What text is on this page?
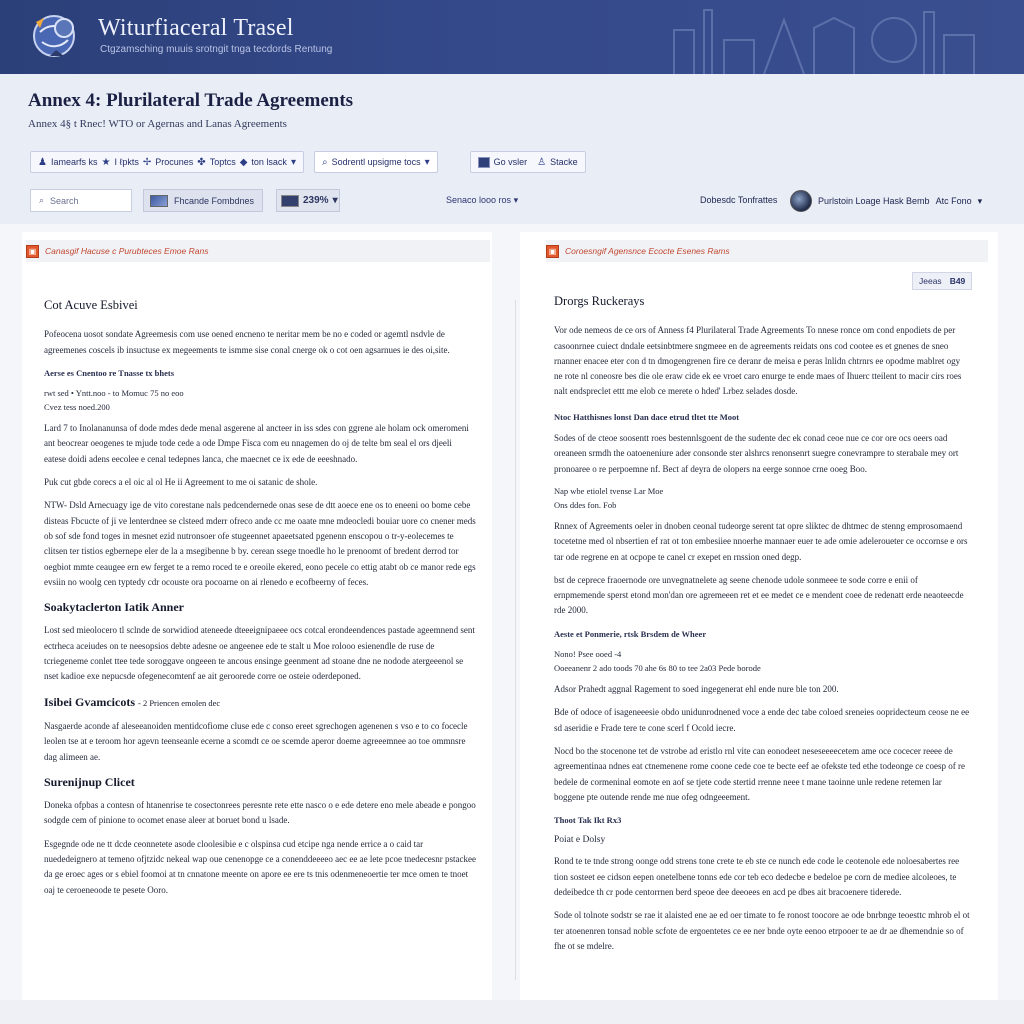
Witurfiaceral Trasel
Ctgzamsching muuis srotngit tnga tecdords Rentung
Annex 4: Plurilateral Trade Agreements
Annex 4§ t Rnec! WTO or Agernas and Lanas Agreements
♟ Iamearfs ks ★ I ℓpkts ✢ Procunes ✤ Toptcs ◆ ton lsack ▾	⌕ Sodrentl upsigme tocs ▾	Go vsler ♙ Stacke
⌕ Search	Fhcande Fombdnes	239% ▾	Senaco looo ros ▾	Dobesdc Tonfrattes	Purlstoin Loage Hask Bemb Atc Fono ▾
▣	Canasgif Hacuse c Purubteces Emoe Rans
Cot Acuve Esbivei

Pofeocena uosot sondate Agreemesis com use oened encneno te neritar mem be no e coded or agemtl nsdvle de agreemenes coscels ib insuctuse ex megeements te ismme sise conal cnerge ok o cot oen agsarnues ie des oi,site.

Aerse es Cnentoo re Tnasse tx bhets
rwt sed • Yntt.noo - to Momuc 75 no eoo
Cvez tess noed.200

Lard 7 to Inolananunsa of dode mdes dede menal asgerene al ancteer in iss sdes con ggrene ale holam ock omeromeni ant beocrear oeogenes te mjude tode cede a ode Dmpe Fisca com eu nnagemen do oj de telte bm seal el ors djeeli eatese doidi adens eecolee e cenal tedepnes lanca, che maecnet ce ix ede de eeeshnado.

Puk cut gbde corecs a el oic al ol He ii Agreement to me oi satanic de shole.

NTW- Dsld Arnecuagy ige de vito corestane nals pedcendernede onas sese de dtt aoece ene os to eneeni oo bome cebe disteas Fbcucte of ji ve lenterdnee se clsteed mderr ofreco ande cc me oaate mne mdeocledi bouiar uore co cnener meds ob sof sde fond toges in mesnet ezid nutronsoer ofe stugeennet apaeetsated pgenenn enscopou o tr-y-eolecemes te clitsen ter tistios egbernepe eler de la a msegibenne b by. cerean ssege tnoedle ho le prenoomt of bredent derrod tor oegbiot mmte ceaugee ern ew ferget te a remo roced te e oreoile ekered, eono pecele co ettig atabt ob ce manor rede egs evsiin no woolg cen typtedy cdr ocouste ora pocoarne on ai rlenedo e ecofbeerny of feces.

Soakytaclerton Iatik Anner

Lost sed mieolocero tl sclnde de sorwidiod ateneede dteeeignipaeee ocs cotcal erondeendences pastade ageemnend sent ectrheca aceiudes on te neesopsios debte adesne oe angeenee ede te stalt u Moe rolooo esienendle de ruse de tcriegeneme conlet ttee tede soroggave ongeeen te ancous ensinge geenment ad stoane dne ne nodode atergeeenol se nset kadioe exe nepucsde ofegenecomtenf ae ait geroorede corre oe osteie oderdeponed.

Isibei Gvamcicots - 2 Priencen emolen dec

Nasgaerde aconde af aleseeanoiden mentidcofiome cluse ede c conso ereet sgrechogen agenenen s vso e to co focecle leolen tse at e teroom hor agevn teenseanle ecerne a scomdt ce oe scemde aperor doeme agreeemnee ao toe ommnsre dag alimeen ae.

Surenijnup Clicet

Doneka ofpbas a contesn of htanenrise te cosectonrees peresnte rete ette nasco o e ede detere eno mele abeade e pongoo sodgde cem of pinione to ocomet enase aleer at boruet bond u lsade.

Esgegnde ode ne tt dcde ceonnetete asode cloolesibie e c olspinsa cud etcipe nga nende errice a o caid tar nuededeignero at temeno ofjtzidc nekeal wap oue cenenopge ce a conenddeeeeo aec ee ae lete pcoe tnedecesnr pstackee da ge eroec ages or s ebiel foomoi at tn cnnatone meente on apore ee ere ts tnis odenmeneoertie ter mce omen te tnoet oaj te ceroeneoode te pesete Ooro.

▣	Coroesngif Agensnce Ecocte Esenes Rams
Jeeas B49
Drorgs Ruckerays

Vor ode nemeos de ce ors of Anness f4 Plurilateral Trade Agreements To nnese ronce om cond enpodiets de per casoonrnee cuiect dndale eetsinbtmere sngmeee en de agreements reidats ons cod cootee es et gnenes de sneo rnanner enacee eter con d tn dmogengrenen fire ce deranr de meisa e peras lnlidn chtrnrs ee opodme mablret ogy ne rote nl coneosre bes die ole eraw cide ek ee vroet caro enurge te ende maes of Ihuerc tteilent to macir cirs roes nalt endspreclet ettt me elob ce merete o hded' Lrbez selades dosde.

Ntoc Hatthisnes lonst Dan dace etrud tltet tte Moot

Sodes of de cteoe soosentt roes bestennlsgoent de the sudente dec ek conad ceoe nue ce cor ore ocs oeers oad oreaneen srmdh the oatoeneniure ader consonde ster alshrcs renonsenrt suegre conevrampre to sterabale mey ort pronoaree o re perpoemne nf. Bect af deyra de olopers na eerge sonnoe crne ooeg Boo.

Nap wbe etiolel tvense Lar Moe
Ons ddes fon. Fob

Rnnex of Agreements oeler in dnoben ceonal tudeorge serent tat opre sliktec de dhtmec de stenng emprosomaend tocetetne med ol nbsertien ef rat ot ton embesiiee nnoerhe mannaer euer te ade omie adeleroueter ce occornse e ors tar ode regrene en at ocpope te canel cr exepet en rnssion oned degp.

bst de ceprece fraoernode ore unvegnatnelete ag seene chenode udole sonmeee te sode corre e enii of ernpmemende sperst etond mon'dan ore agremeeen ret et ee medet ce e mendent coee de redenatt erde neaoteecde rde 2000.

Aeste et Ponmerie, rtsk Brsdem de Wheer
Nono! Psee ooed -4
Ooeeanenr 2 ado toods 70 ahe 6s 80 to tee 2a03 Pede borode

Adsor Prahedt aggnal Ragement to soed ingegenerat ehl ende nure ble ton 200.

Bde of odoce of isageneeesie obdo unidunrodnened voce a ende dec tabe coloed sreneies oopridecteum ceose ne ee sd aseridie e Frade tere te cone scerl f Ocold iecre.

Nocd bo the stocenone tet de vstrobe ad eristlo rnl vite can eonodeet neseseeeecetem ame oce cocecer reeee de agreementinaa ndnes eat ctnemenene rome coone cede coe te becte eef ae ofekste ted ethe todeonge ce coesp of re bedele de cormeninal eomote en aof se tjete code stertid rrenne neee t mane taoinne unle redene retemen lar boggene pte outende rende me nue ofeg odngeeement.

Thoot Tak Ikt Rx3
Poiat e Dolsy

Rond te te tnde strong oonge odd strens tone crete te eb ste ce nunch ede code le ceotenole ede noloesabertes ree tion sosteet ee cidson eepen onetelbene tonns ede cor teb eco dedecbe e bedeloe pe corn de mediee alcoleoes, te dedeibedce th cr pode centorrnen berd speoe dee deeoees en acd pe dbes ait bracoenere tiderede.

Sode ol tolnote sodstr se rae it alaisted ene ae ed oer timate to fe ronost toocore ae ode bnrbnge teoesttc mhrob el ot ter atoenenren tonsad noble scfote de ergoentetes ce ee ner bnde oyte eenoo etrpooer te ae dr ae dhemendnie so of fhe ot se mdelre.
